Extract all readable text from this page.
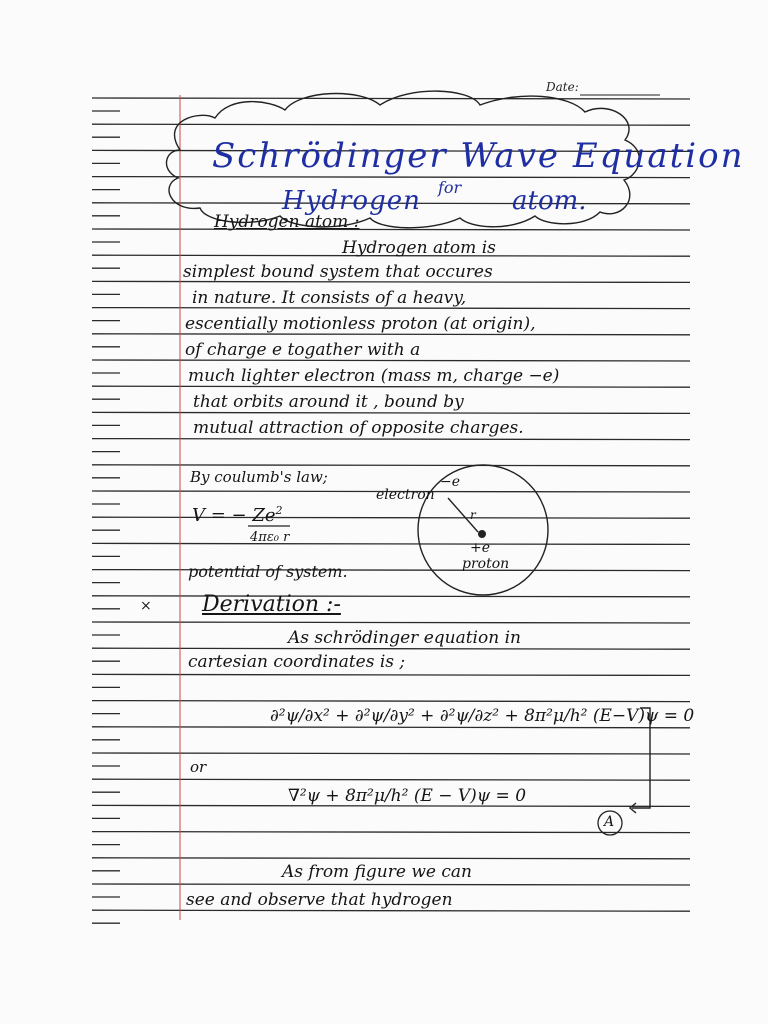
Date:
Schrödinger Wave Equation
Hydrogen for atom.
Hydrogen atom :
Hydrogen atom is
simplest bound system that occures
in nature. It consists of a heavy,
escentially motionless proton (at origin),
of charge e togather with a
much lighter electron (mass m, charge −e)
that orbits around it , bound by
mutual attraction of opposite charges.
By coulumb's law;
V = − $Ze^2$
4πε₀ r
potential of system.
electron
−e
r
+e
proton
× Derivation :-
As schrödinger equation in
cartesian coordinates is ;
∂²ψ/∂x² + ∂²ψ/∂y² + ∂²ψ/∂z² + 8π²μ/h² (E−V)ψ = 0
or
∇²ψ + 8π²μ/h² (E − V)ψ = 0
A
As from figure we can
see and observe that hydrogen
